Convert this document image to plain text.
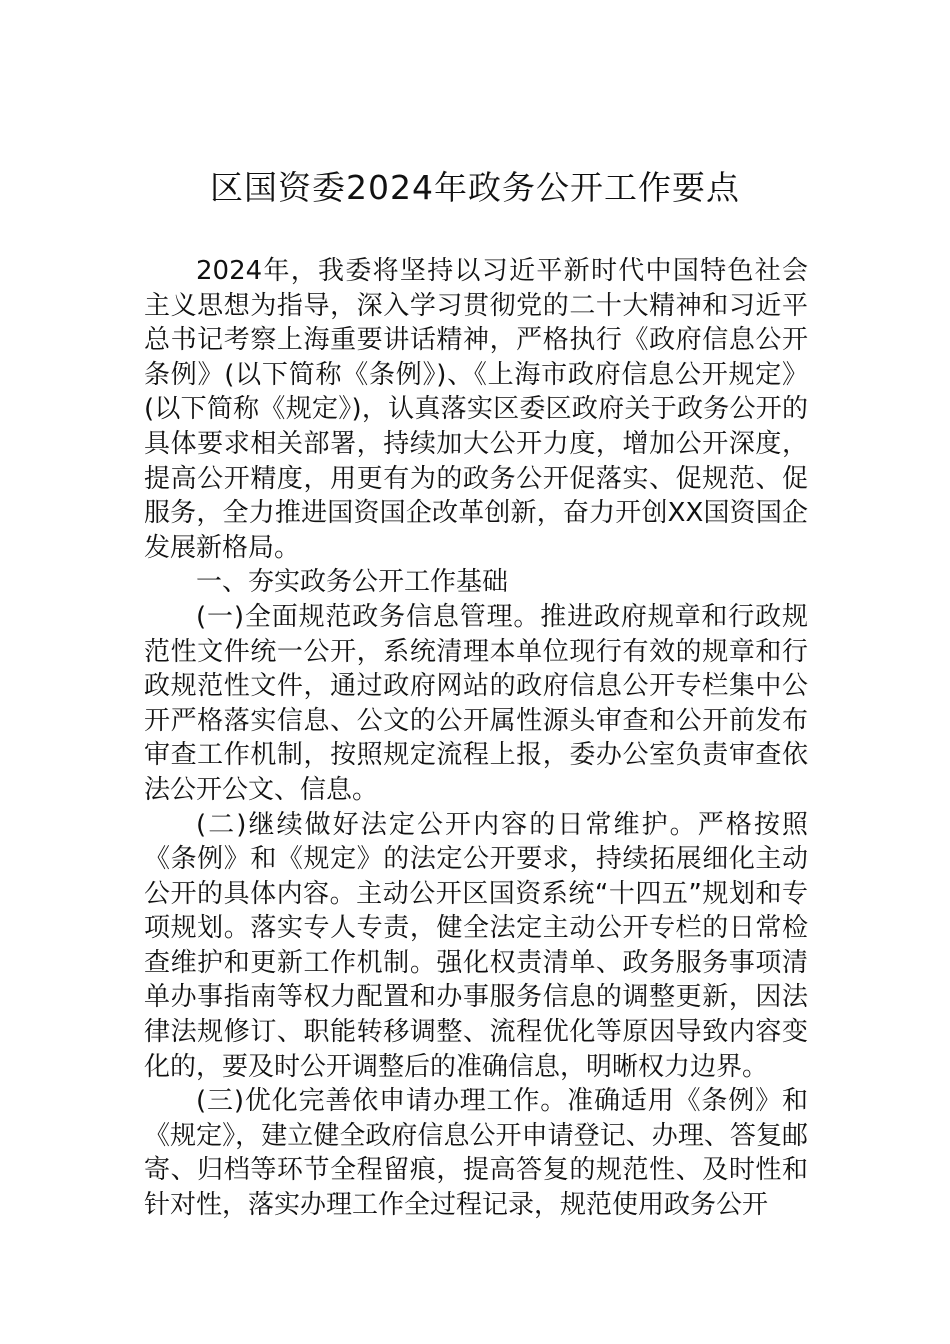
区国资委2024年政务公开工作要点

2024年，我委将坚持以习近平新时代中国特色社会主义思想为指导，深入学习贯彻党的二十大精神和习近平总书记考察上海重要讲话精神，严格执行《政府信息公开条例》(以下简称《条例》)、《上海市政府信息公开规定》(以下简称《规定》)，认真落实区委区政府关于政务公开的具体要求相关部署，持续加大公开力度，增加公开深度，提高公开精度，用更有为的政务公开促落实、促规范、促服务，全力推进国资国企改革创新，奋力开创XX国资国企发展新格局。

一、夯实政务公开工作基础

(一)全面规范政务信息管理。推进政府规章和行政规范性文件统一公开，系统清理本单位现行有效的规章和行政规范性文件，通过政府网站的政府信息公开专栏集中公开严格落实信息、公文的公开属性源头审查和公开前发布审查工作机制，按照规定流程上报，委办公室负责审查依法公开公文、信息。

(二)继续做好法定公开内容的日常维护。严格按照《条例》和《规定》的法定公开要求，持续拓展细化主动公开的具体内容。主动公开区国资系统“十四五”规划和专项规划。落实专人专责，健全法定主动公开专栏的日常检查维护和更新工作机制。强化权责清单、政务服务事项清单办事指南等权力配置和办事服务信息的调整更新，因法律法规修订、职能转移调整、流程优化等原因导致内容变化的，要及时公开调整后的准确信息，明晰权力边界。

(三)优化完善依申请办理工作。准确适用《条例》和《规定》，建立健全政府信息公开申请登记、办理、答复邮寄、归档等环节全程留痕，提高答复的规范性、及时性和针对性，落实办理工作全过程记录，规范使用政务公开
